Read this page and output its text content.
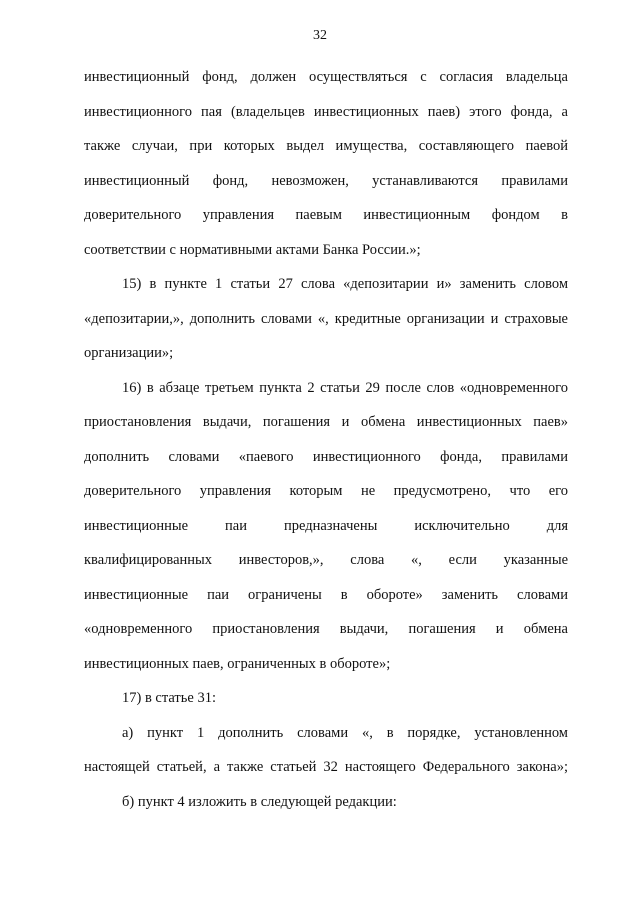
32
инвестиционный фонд, должен осуществляться с согласия владельца
инвестиционного пая (владельцев инвестиционных паев) этого фонда, а
также случаи, при которых выдел имущества, составляющего паевой
инвестиционный фонд, невозможен, устанавливаются правилами
доверительного управления паевым инвестиционным фондом в
соответствии с нормативными актами Банка России.»;
15) в пункте 1 статьи 27 слова «депозитарии и» заменить словом
«депозитарии,», дополнить словами «, кредитные организации и страховые
организации»;
16) в абзаце третьем пункта 2 статьи 29 после слов «одновременного
приостановления выдачи, погашения и обмена инвестиционных паев»
дополнить словами «паевого инвестиционного фонда, правилами
доверительного управления которым не предусмотрено, что его
инвестиционные паи предназначены исключительно для
квалифицированных инвесторов,», слова «, если указанные
инвестиционные паи ограничены в обороте» заменить словами
«одновременного приостановления выдачи, погашения и обмена
инвестиционных паев, ограниченных в обороте»;
17) в статье 31:
а) пункт 1 дополнить словами «, в порядке, установленном
настоящей статьей, а также статьей 32 настоящего Федерального закона»;
б) пункт 4 изложить в следующей редакции:
